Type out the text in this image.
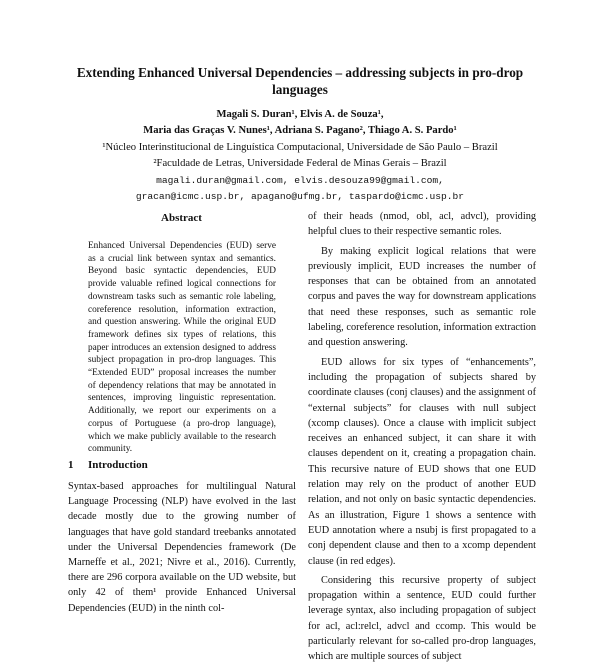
Extending Enhanced Universal Dependencies – addressing subjects in pro-drop languages
Magali S. Duran¹, Elvis A. de Souza¹,
Maria das Graças V. Nunes¹, Adriana S. Pagano², Thiago A. S. Pardo¹
¹Núcleo Interinstitucional de Linguística Computacional, Universidade de São Paulo – Brazil
²Faculdade de Letras, Universidade Federal de Minas Gerais – Brazil
magali.duran@gmail.com, elvis.desouza99@gmail.com,
gracan@icmc.usp.br, apagano@ufmg.br, taspardo@icmc.usp.br
Abstract

Enhanced Universal Dependencies (EUD) serve as a crucial link between syntax and semantics. Beyond basic syntactic dependencies, EUD provide valuable refined logical connections for downstream tasks such as semantic role labeling, coreference resolution, information extraction, and question answering. While the original EUD framework defines six types of relations, this paper introduces an extension designed to address subject propagation in pro-drop languages. This “Extended EUD” proposal increases the number of dependency relations that may be annotated in sentences, improving linguistic representation. Additionally, we report our experiments on a corpus of Portuguese (a pro-drop language), which we make publicly available to the research community.

1 Introduction

Syntax-based approaches for multilingual Natural Language Processing (NLP) have evolved in the last decade mostly due to the growing number of languages that have gold standard treebanks annotated under the Universal Dependencies framework (De Marneffe et al., 2021; Nivre et al., 2016). Currently, there are 296 corpora available on the UD website, but only 42 of them¹ provide Enhanced Universal Dependencies (EUD) in the ninth col-

of their heads (nmod, obl, acl, advcl), providing helpful clues to their respective semantic roles.

By making explicit logical relations that were previously implicit, EUD increases the number of responses that can be obtained from an annotated corpus and paves the way for downstream applications that need these responses, such as semantic role labeling, coreference resolution, information extraction and question answering.

EUD allows for six types of “enhancements”, including the propagation of subjects shared by coordinate clauses (conj clauses) and the assignment of “external subjects” for clauses with null subject (xcomp clauses). Once a clause with implicit subject receives an enhanced subject, it can share it with clauses dependent on it, creating a propagation chain. This recursive nature of EUD shows that one EUD relation may rely on the product of another EUD relation, and not only on basic syntactic dependencies. As an illustration, Figure 1 shows a sentence with EUD annotation where a nsubj is first propagated to a conj dependent clause and then to a xcomp dependent clause (in red edges).

Considering this recursive property of subject propagation within a sentence, EUD could further leverage syntax, also including propagation of subject for acl, acl:relcl, advcl and ccomp. This would be particularly relevant for so-called pro-drop languages, which are multiple sources of subject
